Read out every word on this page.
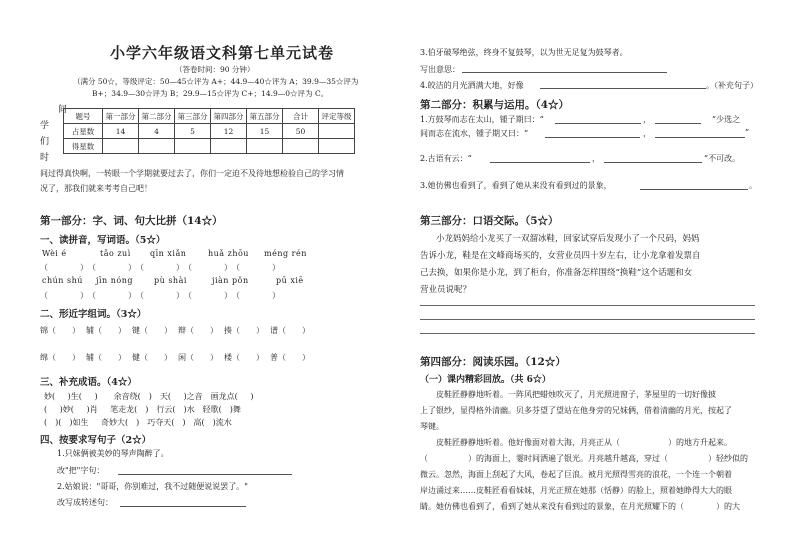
小学六年级语文科第七单元试卷
（答卷时间：90 分钟）
（满分 50☆，等级评定：50—45☆评为 A+；44.9—40☆评为 A；39.9—35☆评为
B+；34.9—30☆评为 B；29.9—15☆评为 C+；14.9—0☆评为 C。
学
们
时
间
题号	第一部分	第二部分	第三部分	第四部分	第五部分	合计	评定等级
占星数	14	4	5	12	15	50	
得星数							
间过得真快啊，一转眼一个学期就要过去了，你们一定迫不及待地想检验自己的学习情
况了，那我们就来考考自己吧！
第一部分：字、词、句大比拼（14☆）
一、读拼音，写词语。（5☆）
Wèi é	tǎo zuì qīn xiǎn	huǎ zhōu méng rén
（　　　　）　（　　　　）　（　　　　）　（　　　　）　（　　　　）
chún shú jīn nóng	pù shài	jiàn pǒn	pū xiē
（　　　　）　（　　　　）　（　　　　）　（　　　　）　（　　　　）
二、形近字组词。（3☆）
锦（　　） 辅（　　） 键（　　） 辩（　　） 揍（　　） 谱（　　）
绵（　　） 辅（　　） 健（　　） 闲（　　） 楼（　　） 普（　　）
三、补充成语。（4☆）
妙(　 )生(　 )　　 余音绕(　 )　 天(　 )之音　 画龙点(　 )
(　 )妙(　 )肖　 笔走龙(　 )　 行云(　 )水　 轻歌(　 )舞
(　 )(　 )如生　 奇妙大(　 )　 巧夺天(　 )　 高(　 )流水
四、按要求写句子（2☆）
1.只妹俩被美妙的琴声陶醉了。
改"把"字句：
2.姑娘说："哥哥，你别难过，我不过随便说说罢了。"
改写成转述句：
3.伯牙破琴绝弦，终身不复鼓琴，以为世无足复为鼓琴者。
写出意思：
4.皎洁的月光洒满大地，好像	。（补充句子）
第二部分：积累与运用。（4☆）
1.方鼓琴而志在太山，锺子期曰：“	，	”少选之
间而志在流水，锺子期又曰：“	，	”
2.古语有云：“	，	”不可改。
3.她仿佛也看到了，看到了她从来没有看到过的景象，	。
第三部分：口语交际。（5☆）
小龙妈妈给小龙买了一双溜冰鞋，回家试穿后发现小了一个尺码，妈妈
告诉小龙，鞋是在文峰商场买的，女营业员四十岁左右，让小龙拿着发票自
己去换，如果你是小龙，到了柜台，你准备怎样围绕“换鞋”这个话题和女
营业员说呢？
第四部分：阅读乐园。（12☆）
（一）课内精彩回放。（共 6☆）
皮鞋匠静静地听着。一阵风把蜡烛吹灭了，月光照进窗子，茅屋里的一切好像披
上了银纱，显得格外清幽。贝多芬望了望站在他身旁的兄妹俩，借着清幽的月光，按起了
琴键。
皮鞋匠静静地听着。他好像面对着大海，月亮正从（　　　　　　	）的地方升起来。
（　　　　　	）的海面上，霎时间洒遍了银光。月亮越升越高，穿过（　　　　　	）轻纱似的
微云。忽然，海面上刮起了大风，卷起了巨浪。被月光照得雪亮的浪花，一个连一个朝着
岸边涌过来……皮鞋匠看看妹妹，月光正照在她那（恬静）的脸上，照着她睁得大大的眼
睛。她仿佛也看到了，看到了她从来没有看到过的景象，在月光照耀下的（　　　　	）的大
